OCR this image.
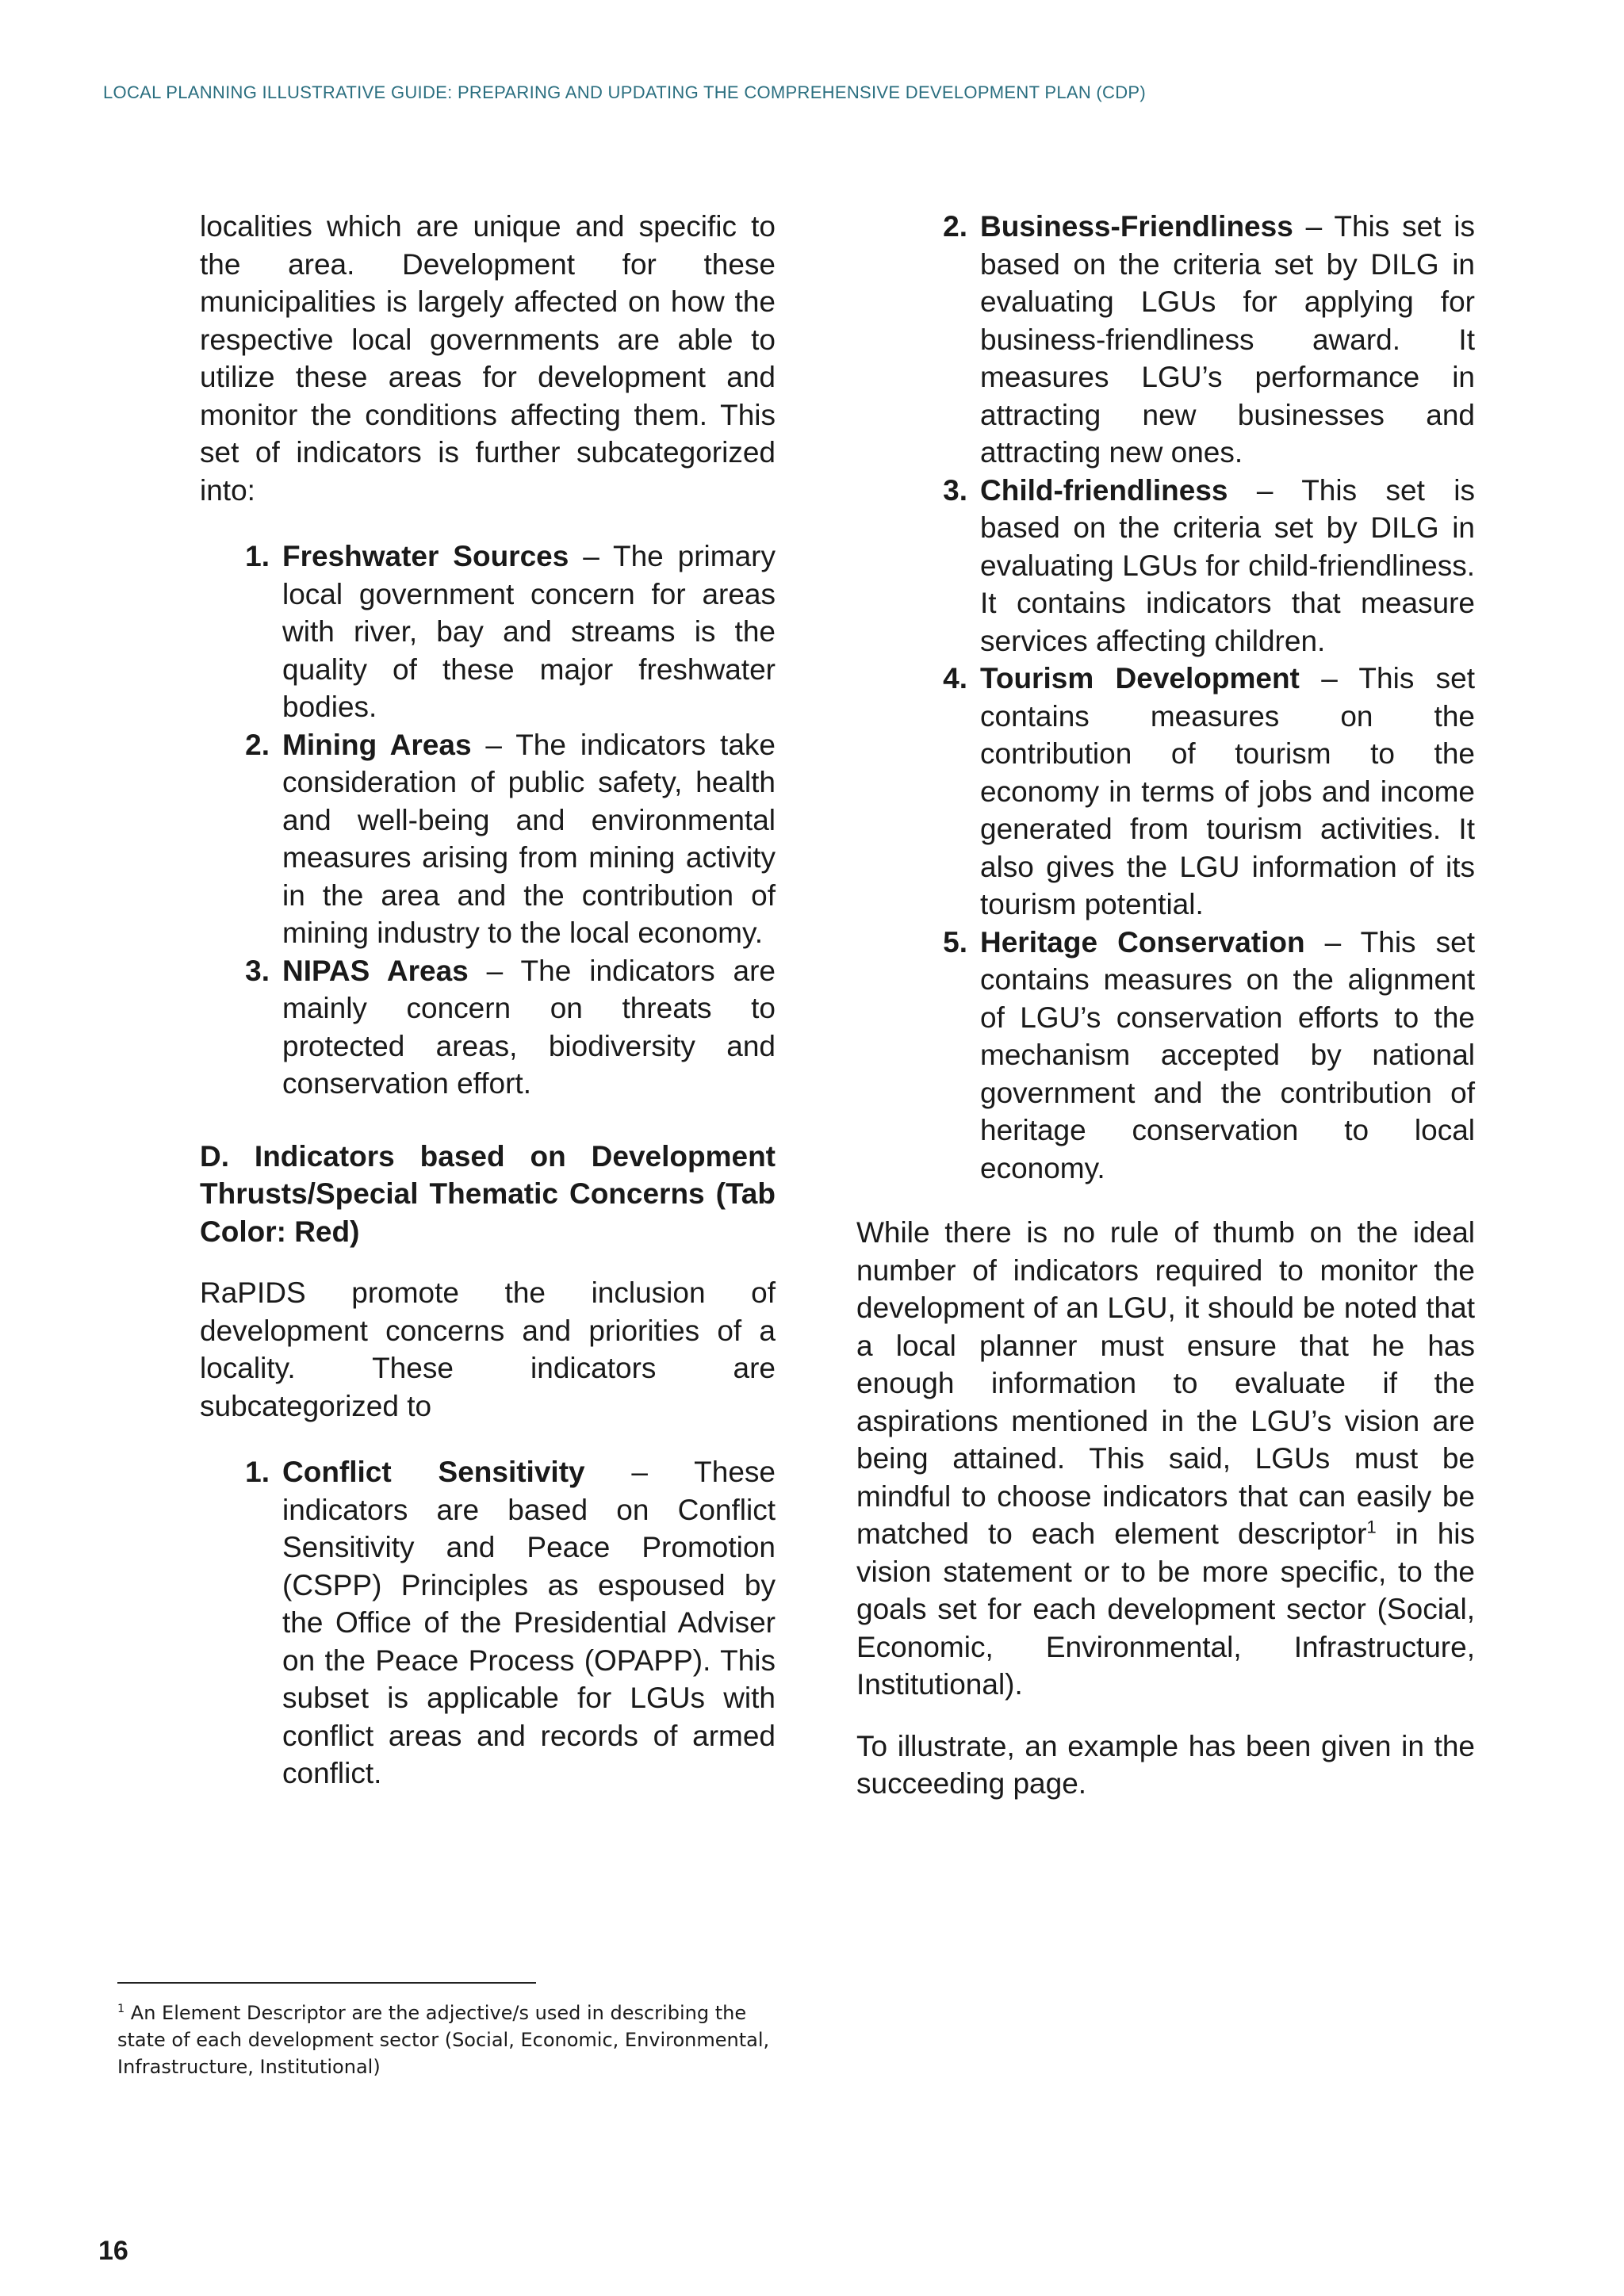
LOCAL PLANNING ILLUSTRATIVE GUIDE: PREPARING AND UPDATING THE COMPREHENSIVE DEVELOPMENT PLAN (CDP)

localities which are unique and specific to the area. Development for these municipalities is largely affected on how the respective local governments are able to utilize these areas for development and monitor the conditions affecting them. This set of indicators is further subcategorized into:

1. Freshwater Sources – The primary local government concern for areas with river, bay and streams is the quality of these major freshwater bodies.
2. Mining Areas – The indicators take consideration of public safety, health and well-being and environmental measures arising from mining activity in the area and the contribution of mining industry to the local economy.
3. NIPAS Areas – The indicators are mainly concern on threats to protected areas, biodiversity and conservation effort.
D. Indicators based on Development Thrusts/Special Thematic Concerns (Tab Color: Red)

RaPIDS promote the inclusion of development concerns and priorities of a locality. These indicators are subcategorized to

1. Conflict Sensitivity – These indicators are based on Conflict Sensitivity and Peace Promotion (CSPP) Principles as espoused by the Office of the Presidential Adviser on the Peace Process (OPAPP). This subset is applicable for LGUs with conflict areas and records of armed conflict.
2. Business-Friendliness – This set is based on the criteria set by DILG in evaluating LGUs for applying for business-friendliness award. It measures LGU’s performance in attracting new businesses and attracting new ones.
3. Child-friendliness – This set is based on the criteria set by DILG in evaluating LGUs for child-friendliness. It contains indicators that measure services affecting children.
4. Tourism Development – This set contains measures on the contribution of tourism to the economy in terms of jobs and income generated from tourism activities. It also gives the LGU information of its tourism potential.
5. Heritage Conservation – This set contains measures on the alignment of LGU’s conservation efforts to the mechanism accepted by national government and the contribution of heritage conservation to local economy.

While there is no rule of thumb on the ideal number of indicators required to monitor the development of an LGU, it should be noted that a local planner must ensure that he has enough information to evaluate if the aspirations mentioned in the LGU’s vision are being attained. This said, LGUs must be mindful to choose indicators that can easily be matched to each element descriptor$^1$ in his vision statement or to be more specific, to the goals set for each development sector (Social, Economic, Environmental, Infrastructure, Institutional).

To illustrate, an example has been given in the succeeding page.

$^1$ An Element Descriptor are the adjective/s used in describing the state of each development sector (Social, Economic, Environmental, Infrastructure, Institutional)
16
